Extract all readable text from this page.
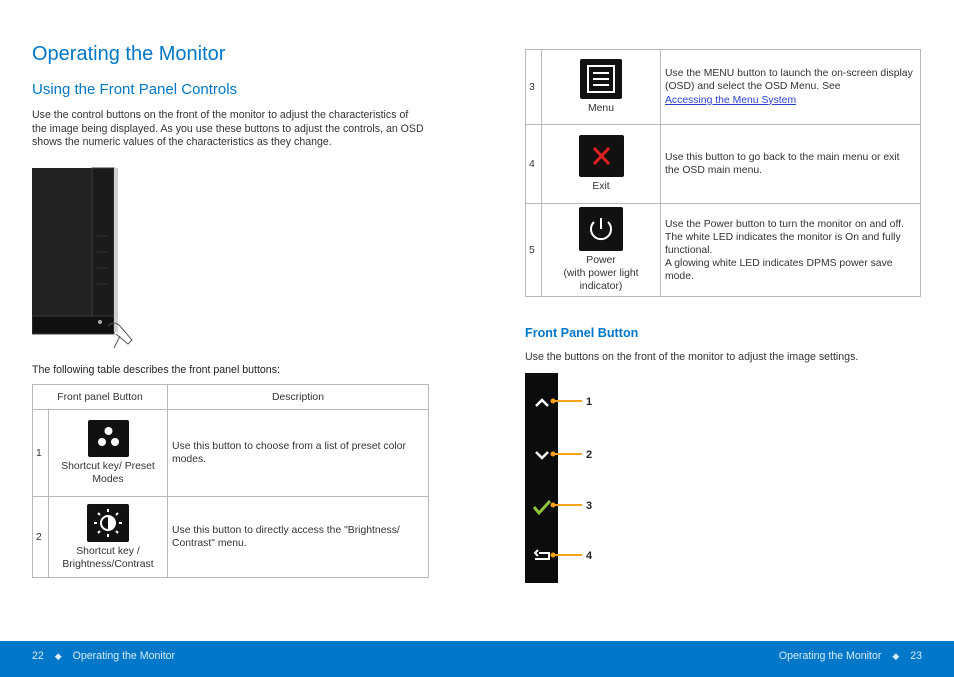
Operating the Monitor
Using the Front Panel Controls
Use the control buttons on the front of the monitor to adjust the characteristics of the image being displayed. As you use these buttons to adjust the controls, an OSD shows the numeric values of the characteristics as they change.
The following table describes the front panel buttons:
Front panel Button		Description
1	Shortcut key/ Preset Modes	Use this button to choose from a list of preset color modes.
2	Shortcut key / Brightness/Contrast	Use this button to directly access the "Brightness/ Contrast" menu.
3	Menu	Use the MENU button to launch the on-screen display (OSD) and select the OSD Menu. See
Accessing the Menu System
4	Exit	Use this button to go back to the main menu or exit the OSD main menu.
5	Power
(with power light indicator)	Use the Power button to turn the monitor on and off.
The white LED indicates the monitor is On and fully functional.
A glowing white LED indicates DPMS power save mode.
Front Panel Button
Use the buttons on the front of the monitor to adjust the image settings.
1
2
3
4
22 ◆ Operating the Monitor	Operating the Monitor ◆ 23
